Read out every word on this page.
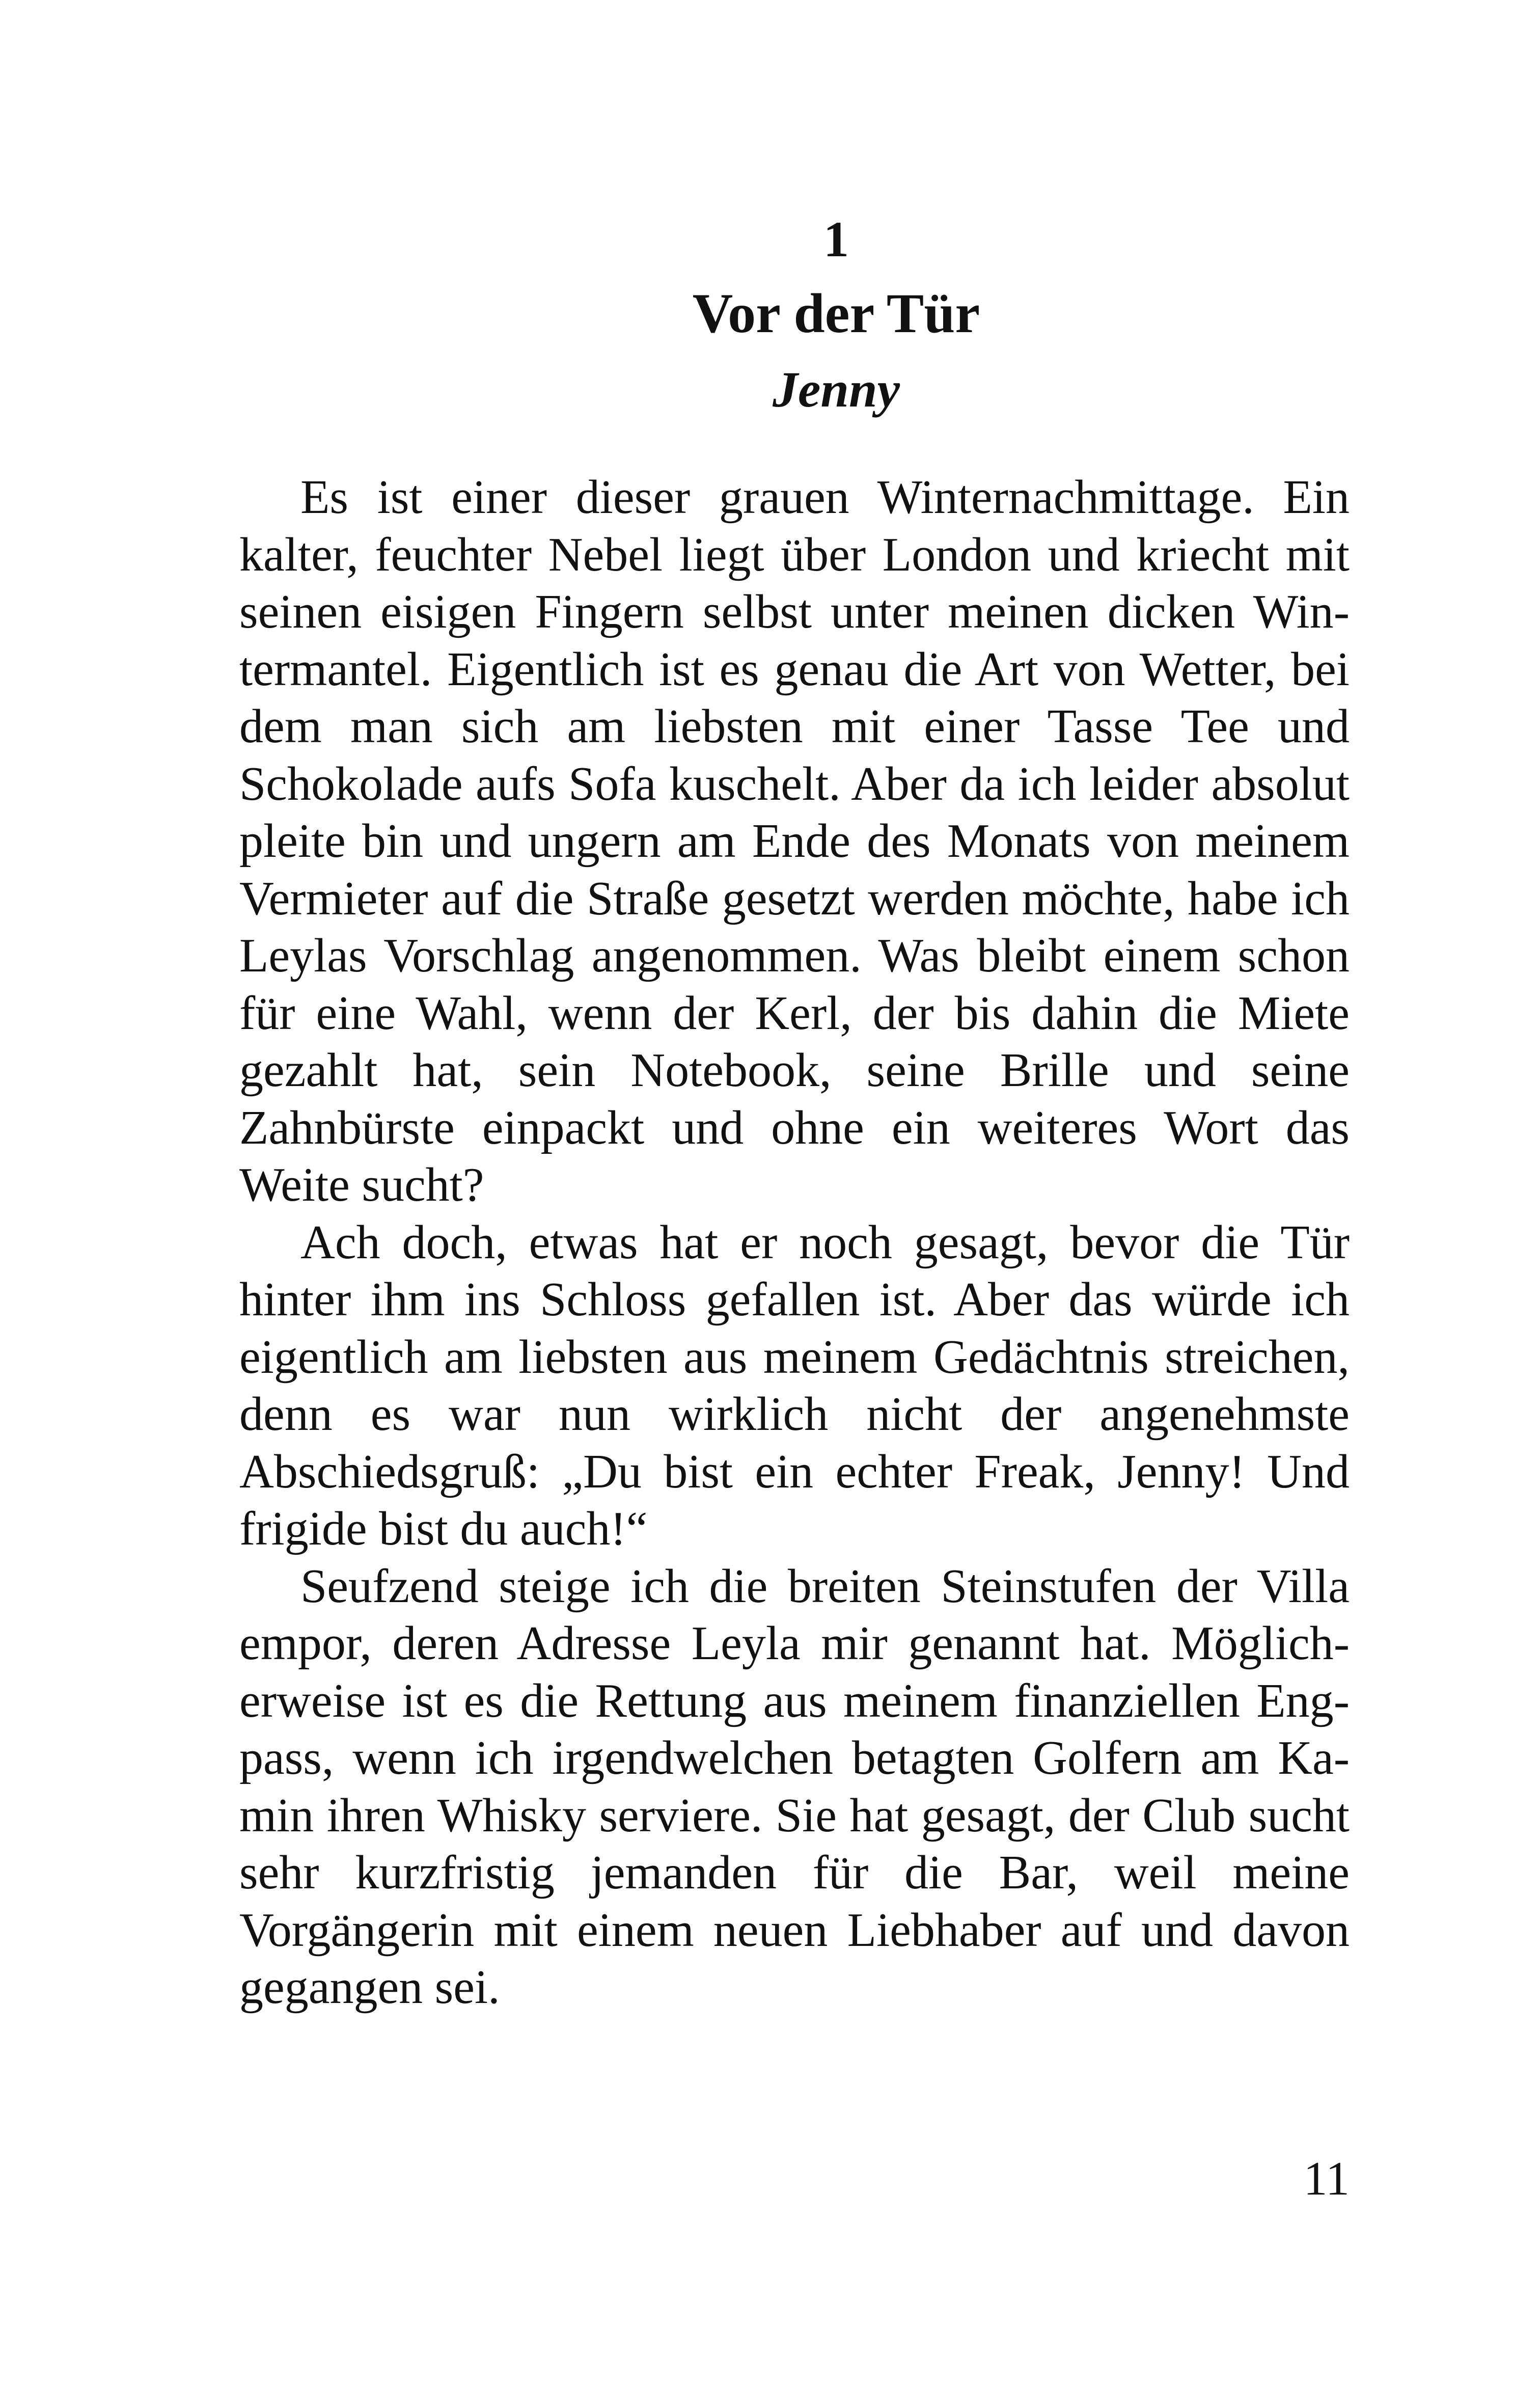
1
Vor der Tür
Jenny

Es ist einer dieser grauen Winternachmittage. Ein kalter, feuchter Nebel liegt über London und kriecht mit seinen eisigen Fingern selbst unter meinen dicken Wintermantel. Eigentlich ist es genau die Art von Wetter, bei dem man sich am liebsten mit einer Tasse Tee und Schokolade aufs Sofa kuschelt. Aber da ich leider absolut pleite bin und ungern am Ende des Monats von meinem Vermieter auf die Straße gesetzt werden möchte, habe ich Leylas Vorschlag angenommen. Was bleibt einem schon für eine Wahl, wenn der Kerl, der bis dahin die Miete gezahlt hat, sein Notebook, seine Brille und seine Zahnbürste einpackt und ohne ein weiteres Wort das Weite sucht?

Ach doch, etwas hat er noch gesagt, bevor die Tür hinter ihm ins Schloss gefallen ist. Aber das würde ich eigentlich am liebsten aus meinem Gedächtnis streichen, denn es war nun wirklich nicht der angenehmste Abschiedsgruß: „Du bist ein echter Freak, Jenny! Und frigide bist du auch!“

Seufzend steige ich die breiten Steinstufen der Villa empor, deren Adresse Leyla mir genannt hat. Möglicherweise ist es die Rettung aus meinem finanziellen Engpass, wenn ich irgendwelchen betagten Golfern am Kamin ihren Whisky serviere. Sie hat gesagt, der Club sucht sehr kurzfristig jemanden für die Bar, weil meine Vorgängerin mit einem neuen Liebhaber auf und davon gegangen sei.

11
